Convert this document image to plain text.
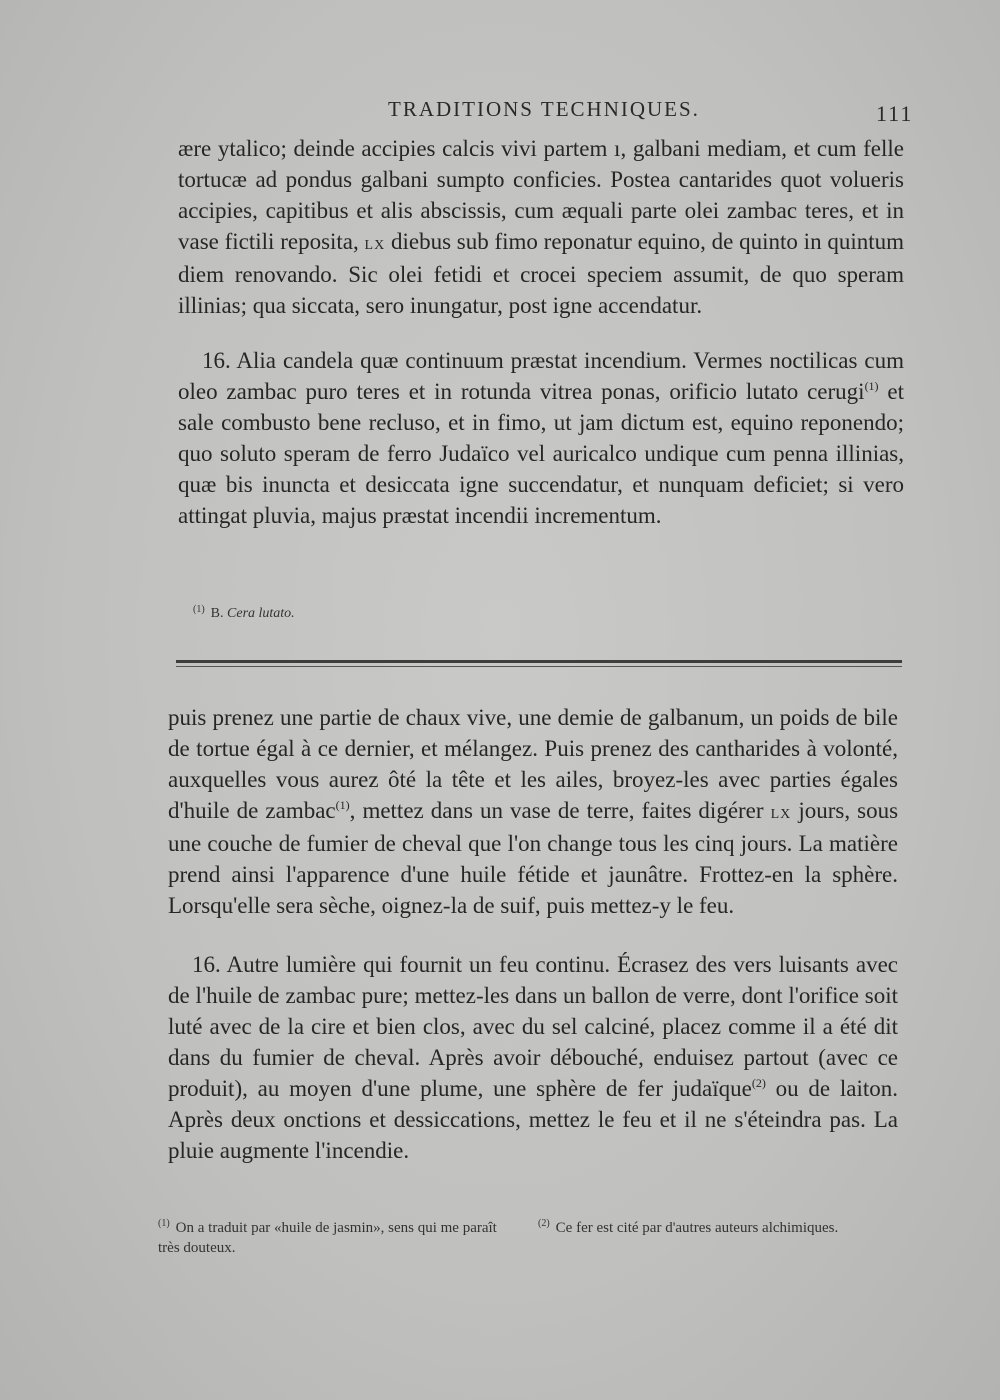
TRADITIONS TECHNIQUES.	111

ære ytalico; deinde accipies calcis vivi partem ı, galbani mediam, et cum felle tortucæ ad pondus galbani sumpto conficies. Postea cantarides quot volueris accipies, capitibus et alis abscissis, cum æquali parte olei zambac teres, et in vase fictili reposita, lx diebus sub fimo reponatur equino, de quinto in quintum diem renovando. Sic olei fetidi et crocei speciem assumit, de quo speram illinias; qua siccata, sero inungatur, post igne accendatur.

16. Alia candela quæ continuum præstat incendium. Vermes noctilicas cum oleo zambac puro teres et in rotunda vitrea ponas, orificio lutato cerugi$^{(1)}$ et sale combusto bene recluso, et in fimo, ut jam dictum est, equino reponendo; quo soluto speram de ferro Judaïco vel auricalco undique cum penna illinias, quæ bis inuncta et desiccata igne succendatur, et nunquam deficiet; si vero attingat pluvia, majus præstat incendii incrementum.

$^{(1)}$ B. Cera lutato.

puis prenez une partie de chaux vive, une demie de galbanum, un poids de bile de tortue égal à ce dernier, et mélangez. Puis prenez des cantharides à volonté, auxquelles vous aurez ôté la tête et les ailes, broyez-les avec parties égales d'huile de zambac$^{(1)}$, mettez dans un vase de terre, faites digérer lx jours, sous une couche de fumier de cheval que l'on change tous les cinq jours. La matière prend ainsi l'apparence d'une huile fétide et jaunâtre. Frottez-en la sphère. Lorsqu'elle sera sèche, oignez-la de suif, puis mettez-y le feu.

16. Autre lumière qui fournit un feu continu. Écrasez des vers luisants avec de l'huile de zambac pure; mettez-les dans un ballon de verre, dont l'orifice soit luté avec de la cire et bien clos, avec du sel calciné, placez comme il a été dit dans du fumier de cheval. Après avoir débouché, enduisez partout (avec ce produit), au moyen d'une plume, une sphère de fer judaïque$^{(2)}$ ou de laiton. Après deux onctions et dessiccations, mettez le feu et il ne s'éteindra pas. La pluie augmente l'incendie.

$^{(1)}$ On a traduit par «huile de jasmin», sens qui me paraît très douteux.
$^{(2)}$ Ce fer est cité par d'autres auteurs alchimiques.
